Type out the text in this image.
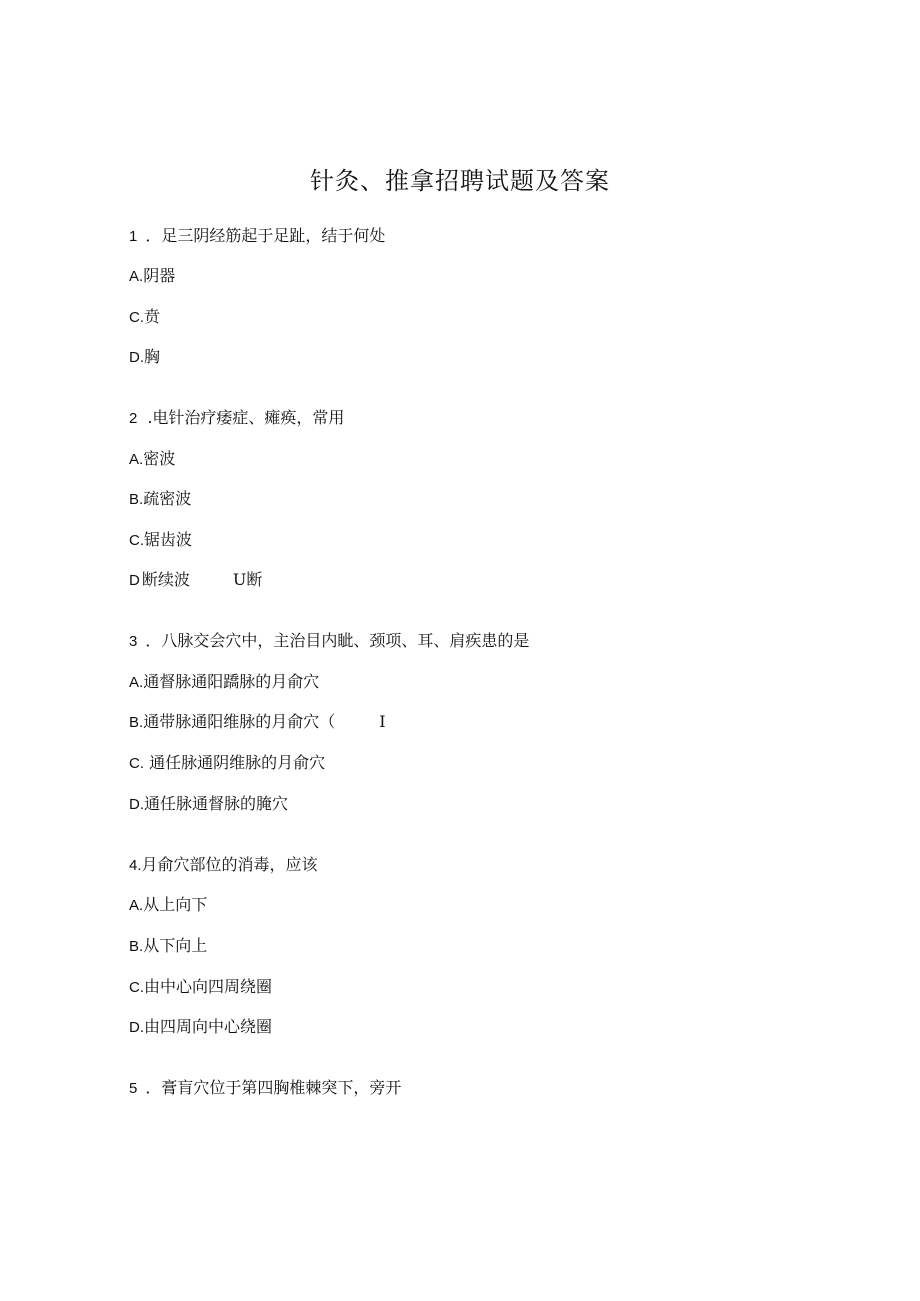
针灸、推拿招聘试题及答案
1 ．足三阴经筋起于足趾，结于何处
A.阴器
C.贲
D.胸
2 .电针治疗痿症、瘫痪，常用
A.密波
B.疏密波
C.锯齿波
D 断续波	U断
3 ．八脉交会穴中，主治目内眦、颈项、耳、肩疾患的是
A.通督脉通阳蹻脉的月俞穴
B.通带脉通阳维脉的月俞穴（	I
C. 通任脉通阴维脉的月俞穴
D.通任脉通督脉的腌穴
4.月俞穴部位的消毒，应该
A.从上向下
B.从下向上
C.由中心向四周绕圈
D.由四周向中心绕圈
5 ．膏肓穴位于第四胸椎棘突下，旁开
